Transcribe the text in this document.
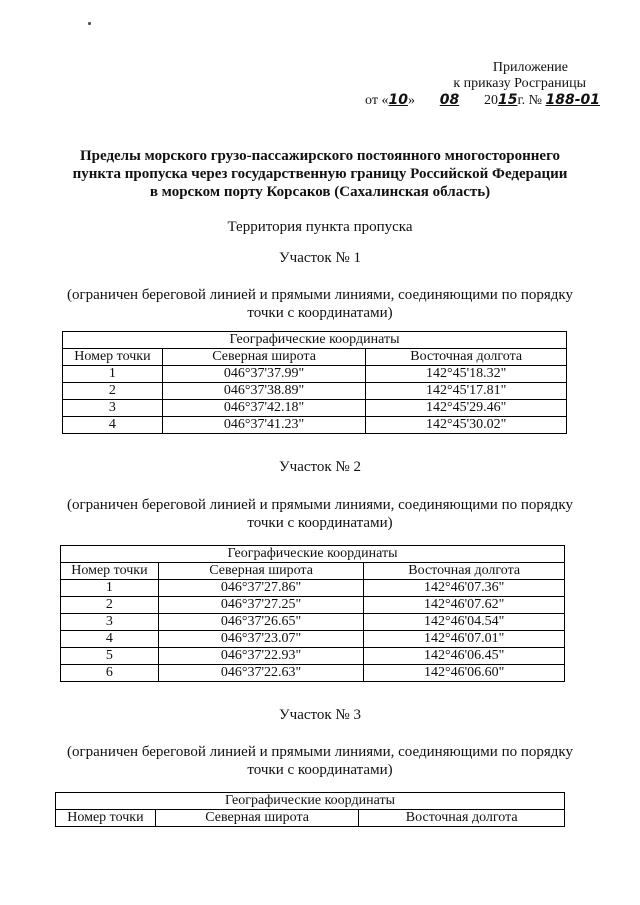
Приложение
к приказу Росграницы
от «10» 08 2015г. № 188-01
Пределы морского грузо-пассажирского постоянного многостороннего
пункта пропуска через государственную границу Российской Федерации
в морском порту Корсаков (Сахалинская область)
Территория пункта пропуска
Участок № 1
(ограничен береговой линией и прямыми линиями, соединяющими по порядку
точки с координатами)
Географические координаты		
Номер точки	Северная широта	Восточная долгота
1	046°37'37.99"	142°45'18.32"
2	046°37'38.89"	142°45'17.81"
3	046°37'42.18"	142°45'29.46"
4	046°37'41.23"	142°45'30.02"
Участок № 2
(ограничен береговой линией и прямыми линиями, соединяющими по порядку
точки с координатами)
Географические координаты		
Номер точки	Северная широта	Восточная долгота
1	046°37'27.86"	142°46'07.36"
2	046°37'27.25"	142°46'07.62"
3	046°37'26.65"	142°46'04.54"
4	046°37'23.07"	142°46'07.01"
5	046°37'22.93"	142°46'06.45"
6	046°37'22.63"	142°46'06.60"
Участок № 3
(ограничен береговой линией и прямыми линиями, соединяющими по порядку
точки с координатами)
Географические координаты
Номер точки	Северная широта	Восточная долгота
